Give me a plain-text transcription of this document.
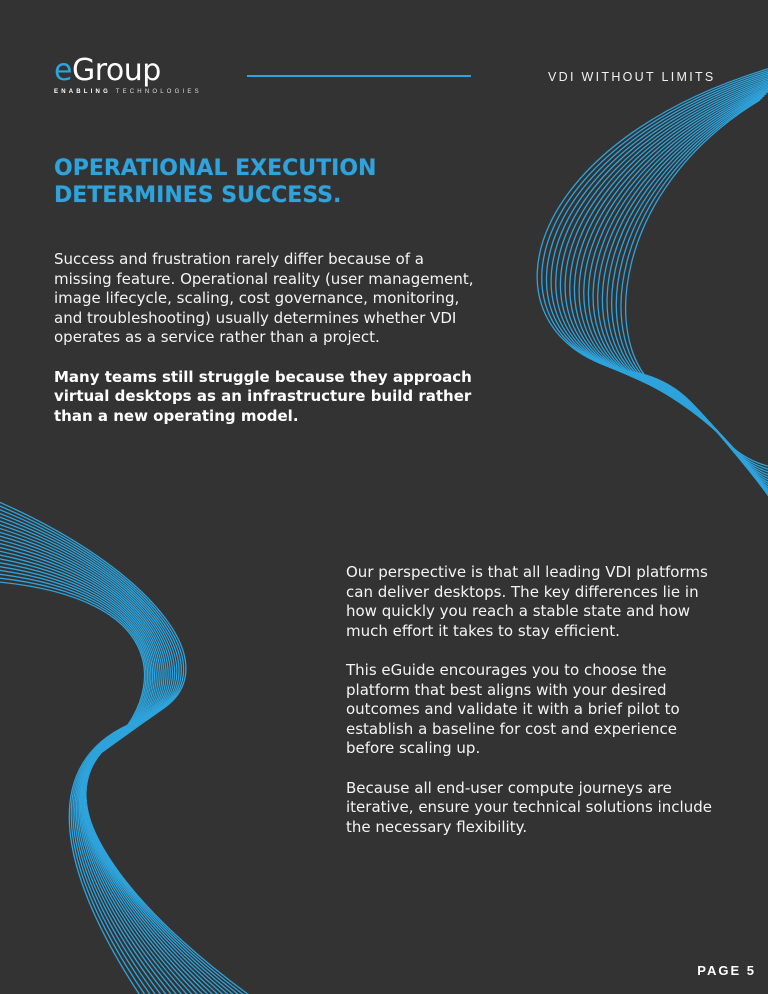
eGroup
ENABLING TECHNOLOGIES
VDI WITHOUT LIMITS
OPERATIONAL EXECUTION
DETERMINES SUCCESS.

Success and frustration rarely differ because of a missing feature. Operational reality (user management, image lifecycle, scaling, cost governance, monitoring, and troubleshooting) usually determines whether VDI operates as a service rather than a project.

Many teams still struggle because they approach virtual desktops as an infrastructure build rather than a new operating model.

Our perspective is that all leading VDI platforms can deliver desktops. The key differences lie in how quickly you reach a stable state and how much effort it takes to stay efficient.

This eGuide encourages you to choose the platform that best aligns with your desired outcomes and validate it with a brief pilot to establish a baseline for cost and experience before scaling up.

Because all end-user compute journeys are iterative, ensure your technical solutions include the necessary flexibility.

PAGE 5
